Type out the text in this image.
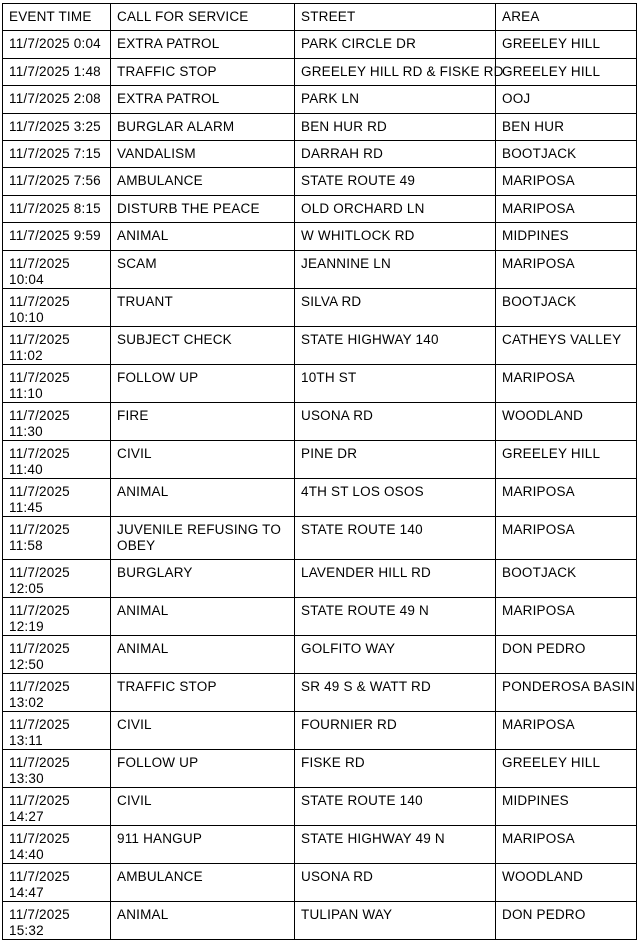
EVENT TIME	CALL FOR SERVICE	STREET	AREA
11/7/2025 0:04	EXTRA PATROL	PARK CIRCLE DR	GREELEY HILL
11/7/2025 1:48	TRAFFIC STOP	GREELEY HILL RD & FISKE RD	GREELEY HILL
11/7/2025 2:08	EXTRA PATROL	PARK LN	OOJ
11/7/2025 3:25	BURGLAR ALARM	BEN HUR RD	BEN HUR
11/7/2025 7:15	VANDALISM	DARRAH RD	BOOTJACK
11/7/2025 7:56	AMBULANCE	STATE ROUTE 49	MARIPOSA
11/7/2025 8:15	DISTURB THE PEACE	OLD ORCHARD LN	MARIPOSA
11/7/2025 9:59	ANIMAL	W WHITLOCK RD	MIDPINES
11/7/2025 10:04	SCAM	JEANNINE LN	MARIPOSA
11/7/2025 10:10	TRUANT	SILVA RD	BOOTJACK
11/7/2025 11:02	SUBJECT CHECK	STATE HIGHWAY 140	CATHEYS VALLEY
11/7/2025 11:10	FOLLOW UP	10TH ST	MARIPOSA
11/7/2025 11:30	FIRE	USONA RD	WOODLAND
11/7/2025 11:40	CIVIL	PINE DR	GREELEY HILL
11/7/2025 11:45	ANIMAL	4TH ST LOS OSOS	MARIPOSA
11/7/2025 11:58	JUVENILE REFUSING TO OBEY	STATE ROUTE 140	MARIPOSA
11/7/2025 12:05	BURGLARY	LAVENDER HILL RD	BOOTJACK
11/7/2025 12:19	ANIMAL	STATE ROUTE 49 N	MARIPOSA
11/7/2025 12:50	ANIMAL	GOLFITO WAY	DON PEDRO
11/7/2025 13:02	TRAFFIC STOP	SR 49 S & WATT RD	PONDEROSA BASIN
11/7/2025 13:11	CIVIL	FOURNIER RD	MARIPOSA
11/7/2025 13:30	FOLLOW UP	FISKE RD	GREELEY HILL
11/7/2025 14:27	CIVIL	STATE ROUTE 140	MIDPINES
11/7/2025 14:40	911 HANGUP	STATE HIGHWAY 49 N	MARIPOSA
11/7/2025 14:47	AMBULANCE	USONA RD	WOODLAND
11/7/2025 15:32	ANIMAL	TULIPAN WAY	DON PEDRO
